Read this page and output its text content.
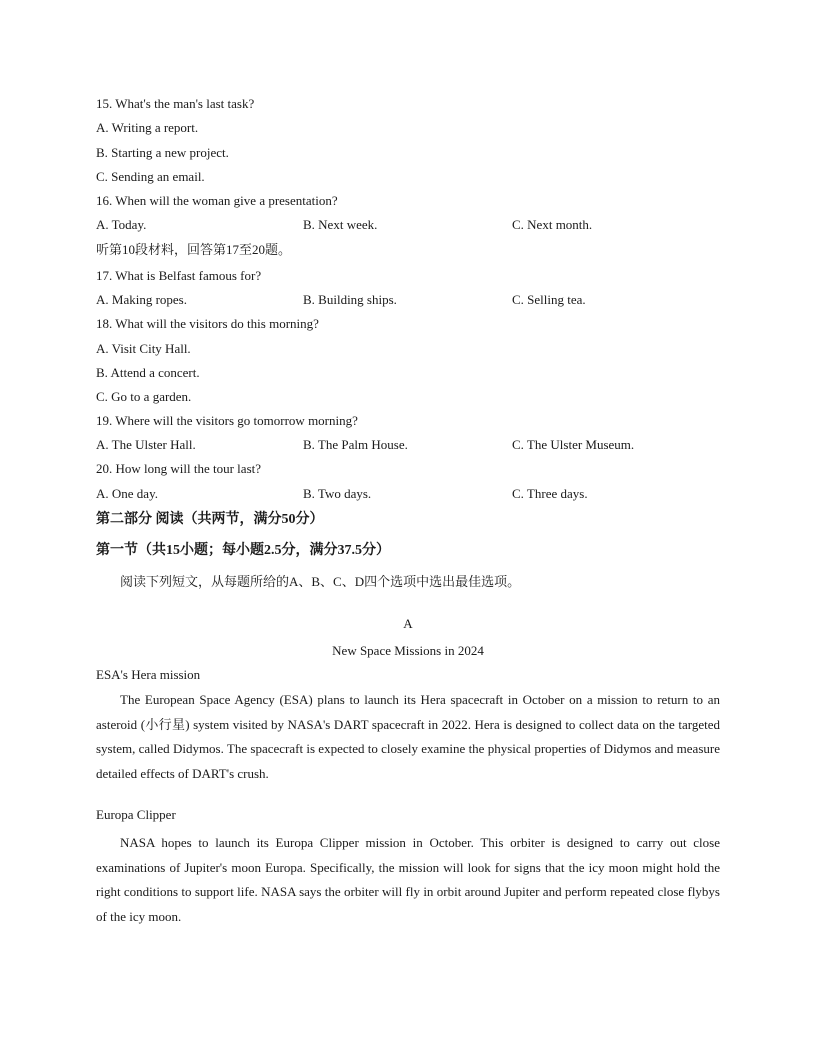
15. What's the man's last task?
A. Writing a report.
B. Starting a new project.
C. Sending an email.
16. When will the woman give a presentation?
A. Today.	B. Next week.	C. Next month.
听第10段材料，回答第17至20题。
17. What is Belfast famous for?
A. Making ropes.	B. Building ships.	C. Selling tea.
18. What will the visitors do this morning?
A. Visit City Hall.
B. Attend a concert.
C. Go to a garden.
19. Where will the visitors go tomorrow morning?
A. The Ulster Hall.	B. The Palm House.	C. The Ulster Museum.
20. How long will the tour last?
A. One day.	B. Two days.	C. Three days.
第二部分 阅读（共两节，满分50分）
第一节（共15小题；每小题2.5分，满分37.5分）
阅读下列短文，从每题所给的A、B、C、D四个选项中选出最佳选项。
A
New Space Missions in 2024
ESA's Hera mission
The European Space Agency (ESA) plans to launch its Hera spacecraft in October on a mission to return to an asteroid (小行星) system visited by NASA's DART spacecraft in 2022. Hera is designed to collect data on the targeted system, called Didymos. The spacecraft is expected to closely examine the physical properties of Didymos and measure detailed effects of DART's crush.
Europa Clipper
NASA hopes to launch its Europa Clipper mission in October. This orbiter is designed to carry out close examinations of Jupiter's moon Europa. Specifically, the mission will look for signs that the icy moon might hold the right conditions to support life. NASA says the orbiter will fly in orbit around Jupiter and perform repeated close flybys of the icy moon.
